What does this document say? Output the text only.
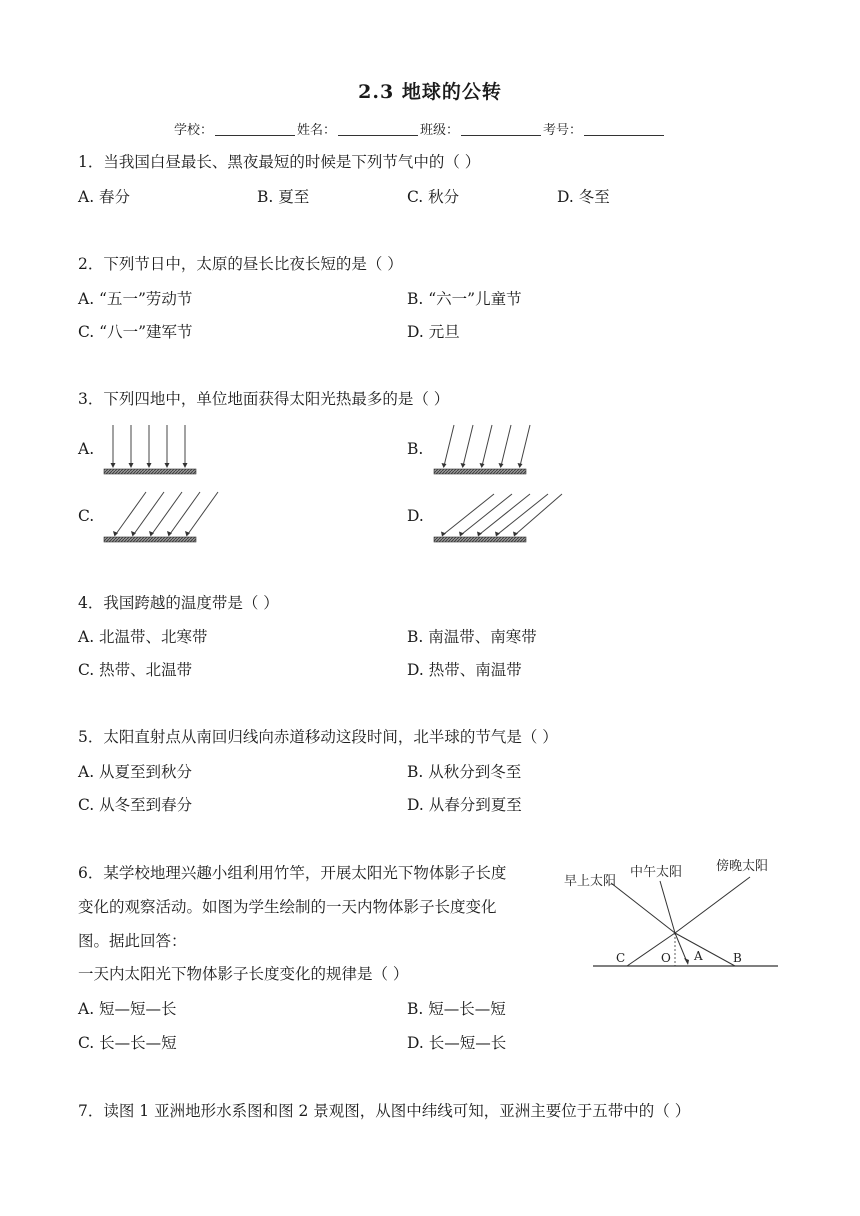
2.3 地球的公转
学校：	姓名：	班级：	考号：
1．当我国白昼最长、黑夜最短的时候是下列节气中的（ ）
A. 春分	B. 夏至	C. 秋分	D. 冬至
2．下列节日中，太原的昼长比夜长短的是（ ）
A. “五一”劳动节	B. “六一”儿童节
C. “八一”建军节	D. 元旦
3．下列四地中，单位地面获得太阳光热最多的是（ ）
A.	B.
C.	D.
4．我国跨越的温度带是（ ）
A. 北温带、北寒带	B. 南温带、南寒带
C. 热带、北温带	D. 热带、南温带
5．太阳直射点从南回归线向赤道移动这段时间，北半球的节气是（ ）
A. 从夏至到秋分	B. 从秋分到冬至
C. 从冬至到春分	D. 从春分到夏至
6．某学校地理兴趣小组利用竹竿，开展太阳光下物体影子长度
变化的观察活动。如图为学生绘制的一天内物体影子长度变化
图。据此回答：
一天内太阳光下物体影子长度变化的规律是（ ）
早上太阳
中午太阳	傍晚太阳
C	O A	B
A. 短—短—长	B. 短—长—短
C. 长—长—短	D. 长—短—长
7．读图 1 亚洲地形水系图和图 2 景观图，从图中纬线可知，亚洲主要位于五带中的（ ）
